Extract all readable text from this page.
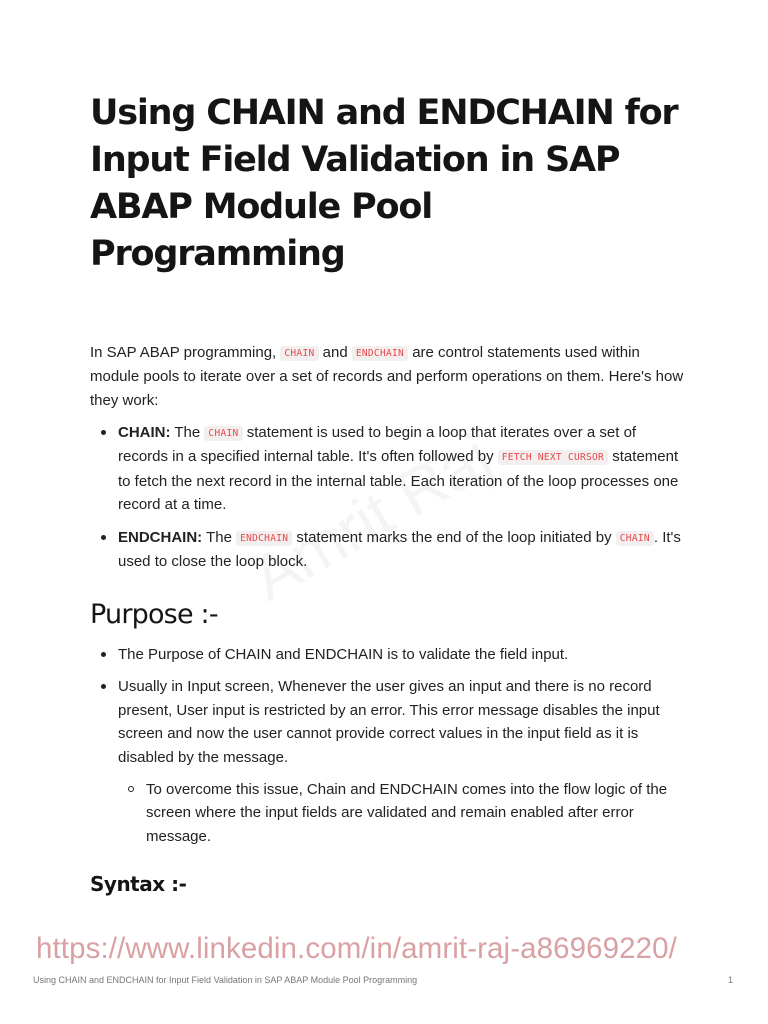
Using CHAIN and ENDCHAIN for Input Field Validation in SAP ABAP Module Pool Programming

In SAP ABAP programming, CHAIN and ENDCHAIN are control statements used within module pools to iterate over a set of records and perform operations on them. Here's how they work:

CHAIN: The CHAIN statement is used to begin a loop that iterates over a set of records in a specified internal table. It's often followed by FETCH NEXT CURSOR statement to fetch the next record in the internal table. Each iteration of the loop processes one record at a time.
ENDCHAIN: The ENDCHAIN statement marks the end of the loop initiated by CHAIN . It's used to close the loop block.
Purpose :-
The Purpose of CHAIN and ENDCHAIN is to validate the field input.
Usually in Input screen, Whenever the user gives an input and there is no record present, User input is restricted by an error. This error message disables the input screen and now the user cannot provide correct values in the input field as it is disabled by the message.
To overcome this issue, Chain and ENDCHAIN comes into the flow logic of the screen where the input fields are validated and remain enabled after error message.
Syntax :-
https://www.linkedin.com/in/amrit-raj-a86969220/
Using CHAIN and ENDCHAIN for Input Field Validation in SAP ABAP Module Pool Programming	1
